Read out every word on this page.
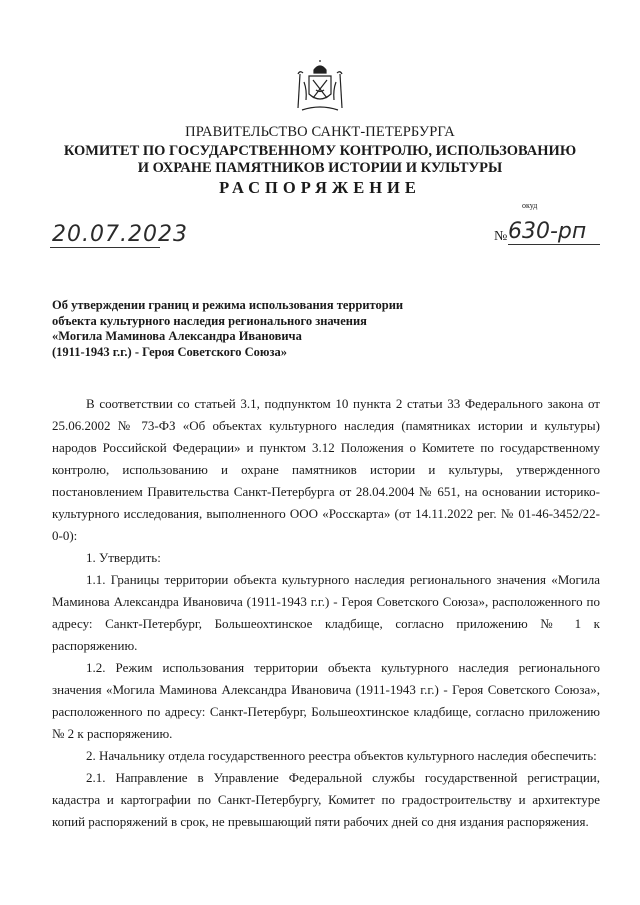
ПРАВИТЕЛЬСТВО САНКТ-ПЕТЕРБУРГА
КОМИТЕТ ПО ГОСУДАРСТВЕННОМУ КОНТРОЛЮ, ИСПОЛЬЗОВАНИЮ
И ОХРАНЕ ПАМЯТНИКОВ ИСТОРИИ И КУЛЬТУРЫ
РАСПОРЯЖЕНИЕ
окуд
20.07.2023	№ 630-рп
Об утверждении границ и режима использования территории
объекта культурного наследия регионального значения
«Могила Маминова Александра Ивановича
(1911-1943 г.г.) - Героя Советского Союза»

В соответствии со статьей 3.1, подпунктом 10 пункта 2 статьи 33 Федерального закона от 25.06.2002 № 73-ФЗ «Об объектах культурного наследия (памятниках истории и культуры) народов Российской Федерации» и пунктом 3.12 Положения о Комитете по государственному контролю, использованию и охране памятников истории и культуры, утвержденного постановлением Правительства Санкт-Петербурга от 28.04.2004 № 651, на основании историко-культурного исследования, выполненного ООО «Росскарта» (от 14.11.2022 рег. № 01-46-3452/22-0-0):

1. Утвердить:

1.1. Границы территории объекта культурного наследия регионального значения «Могила Маминова Александра Ивановича (1911-1943 г.г.) - Героя Советского Союза», расположенного по адресу: Санкт-Петербург, Большеохтинское кладбище, согласно приложению № 1 к распоряжению.

1.2. Режим использования территории объекта культурного наследия регионального значения «Могила Маминова Александра Ивановича (1911-1943 г.г.) - Героя Советского Союза», расположенного по адресу: Санкт-Петербург, Большеохтинское кладбище, согласно приложению № 2 к распоряжению.

2. Начальнику отдела государственного реестра объектов культурного наследия обеспечить:

2.1. Направление в Управление Федеральной службы государственной регистрации, кадастра и картографии по Санкт-Петербургу, Комитет по градостроительству и архитектуре копий распоряжений в срок, не превышающий пяти рабочих дней со дня издания распоряжения.
